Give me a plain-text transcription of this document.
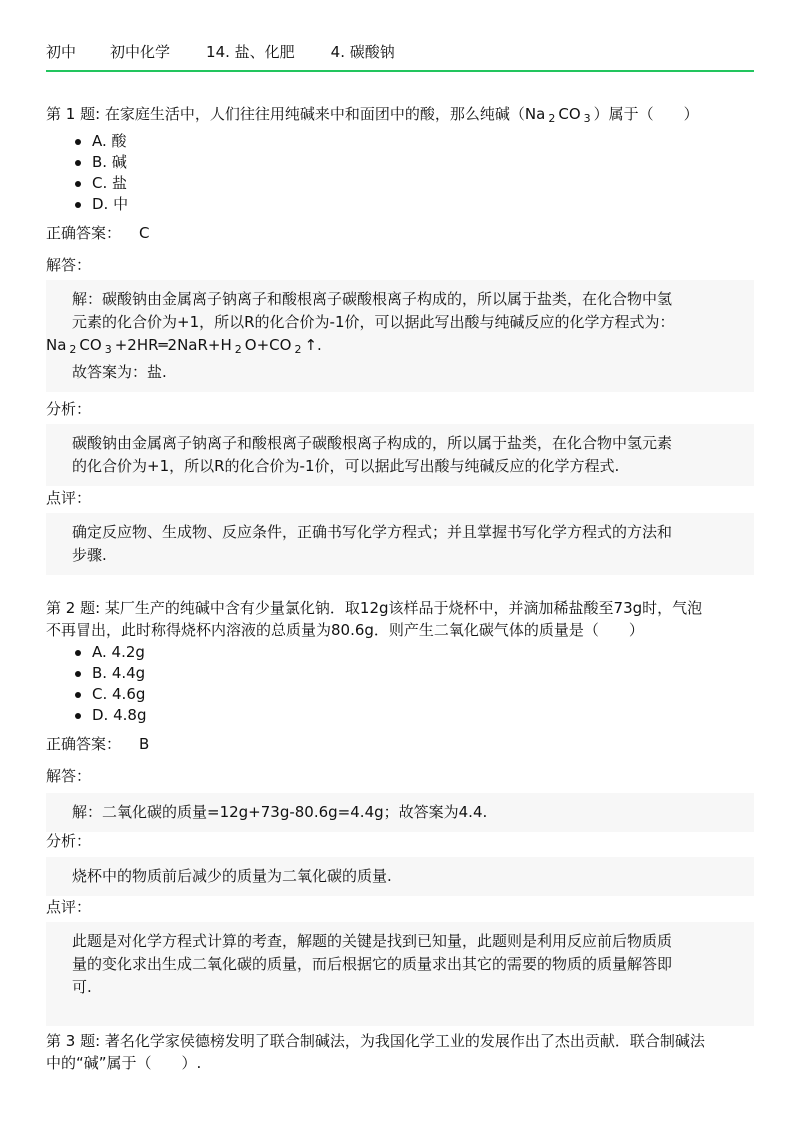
初中 初中化学 14. 盐、化肥 4. 碳酸钠

第 1 题: 在家庭生活中，人们往往用纯碱来中和面团中的酸，那么纯碱（Na $_2$ CO $_3$ ）属于（　　）

A. 酸
B. 碱
C. 盐
D. 中

正确答案： C

解答：

解：碳酸钠由金属离子钠离子和酸根离子碳酸根离子构成的，所以属于盐类，在化合物中氢

元素的化合价为+1，所以R的化合价为-1价，可以据此写出酸与纯碱反应的化学方程式为：

Na $_2$ CO $_3$ +2HR═2NaR+H $_2$ O+CO $_2$ ↑.

故答案为：盐.

分析：

碳酸钠由金属离子钠离子和酸根离子碳酸根离子构成的，所以属于盐类，在化合物中氢元素

的化合价为+1，所以R的化合价为-1价，可以据此写出酸与纯碱反应的化学方程式.

点评：

确定反应物、生成物、反应条件，正确书写化学方程式；并且掌握书写化学方程式的方法和

步骤.

第 2 题: 某厂生产的纯碱中含有少量氯化钠．取12g该样品于烧杯中，并滴加稀盐酸至73g时，气泡
不再冒出，此时称得烧杯内溶液的总质量为80.6g．则产生二氧化碳气体的质量是（　　）

A. 4.2g
B. 4.4g
C. 4.6g
D. 4.8g

正确答案： B

解答：

解：二氧化碳的质量=12g+73g-80.6g=4.4g；故答案为4.4.

分析：

烧杯中的物质前后减少的质量为二氧化碳的质量.

点评：

此题是对化学方程式计算的考查，解题的关键是找到已知量，此题则是利用反应前后物质质

量的变化求出生成二氧化碳的质量，而后根据它的质量求出其它的需要的物质的质量解答即

可.

第 3 题: 著名化学家侯德榜发明了联合制碱法，为我国化学工业的发展作出了杰出贡献．联合制碱法
中的“碱”属于（　　）.
